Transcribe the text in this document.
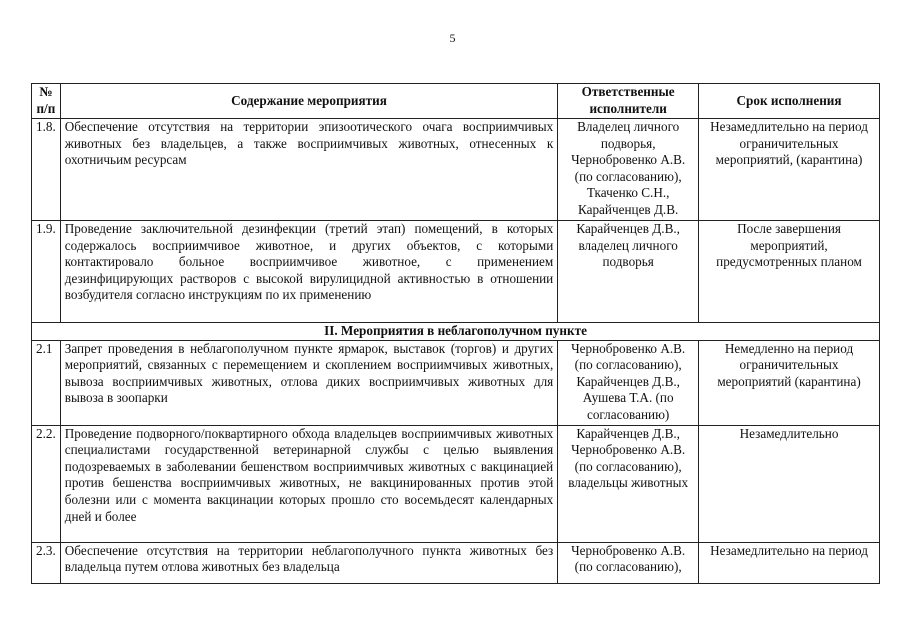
5
№ п/п	Содержание мероприятия	Ответственные исполнители	Срок исполнения
1.8.	Обеспечение отсутствия на территории эпизоотического очага восприимчивых животных без владельцев, а также восприимчивых животных, отнесенных к охотничьим ресурсам	Владелец личного подворья, Чернобровенко А.В. (по согласованию), Ткаченко С.Н., Карайченцев Д.В.	Незамедлительно на период ограничительных мероприятий, (карантина)
1.9.	Проведение заключительной дезинфекции (третий этап) помещений, в которых содержалось восприимчивое животное, и других объектов, с которыми контактировало больное восприимчивое животное, с применением дезинфицирующих растворов с высокой вирулицидной активностью в отношении возбудителя согласно инструкциям по их применению	Карайченцев Д.В., владелец личного подворья	После завершения мероприятий, предусмотренных планом
II. Мероприятия в неблагополучном пункте			
2.1	Запрет проведения в неблагополучном пункте ярмарок, выставок (торгов) и других мероприятий, связанных с перемещением и скоплением восприимчивых животных, вывоза восприимчивых животных, отлова диких восприимчивых животных для вывоза в зоопарки	Чернобровенко А.В. (по согласованию), Карайченцев Д.В., Аушева Т.А. (по согласованию)	Немедленно на период ограничительных мероприятий (карантина)
2.2.	Проведение подворного/поквартирного обхода владельцев восприимчивых животных специалистами государственной ветеринарной службы с целью выявления подозреваемых в заболевании бешенством восприимчивых животных с вакцинацией против бешенства восприимчивых животных, не вакцинированных против этой болезни или с момента вакцинации которых прошло сто восемьдесят календарных дней и более	Карайченцев Д.В., Чернобровенко А.В. (по согласованию), владельцы животных	Незамедлительно
2.3.	Обеспечение отсутствия на территории неблагополучного пункта животных без владельца путем отлова животных без владельца	Чернобровенко А.В. (по согласованию),	Незамедлительно на период
